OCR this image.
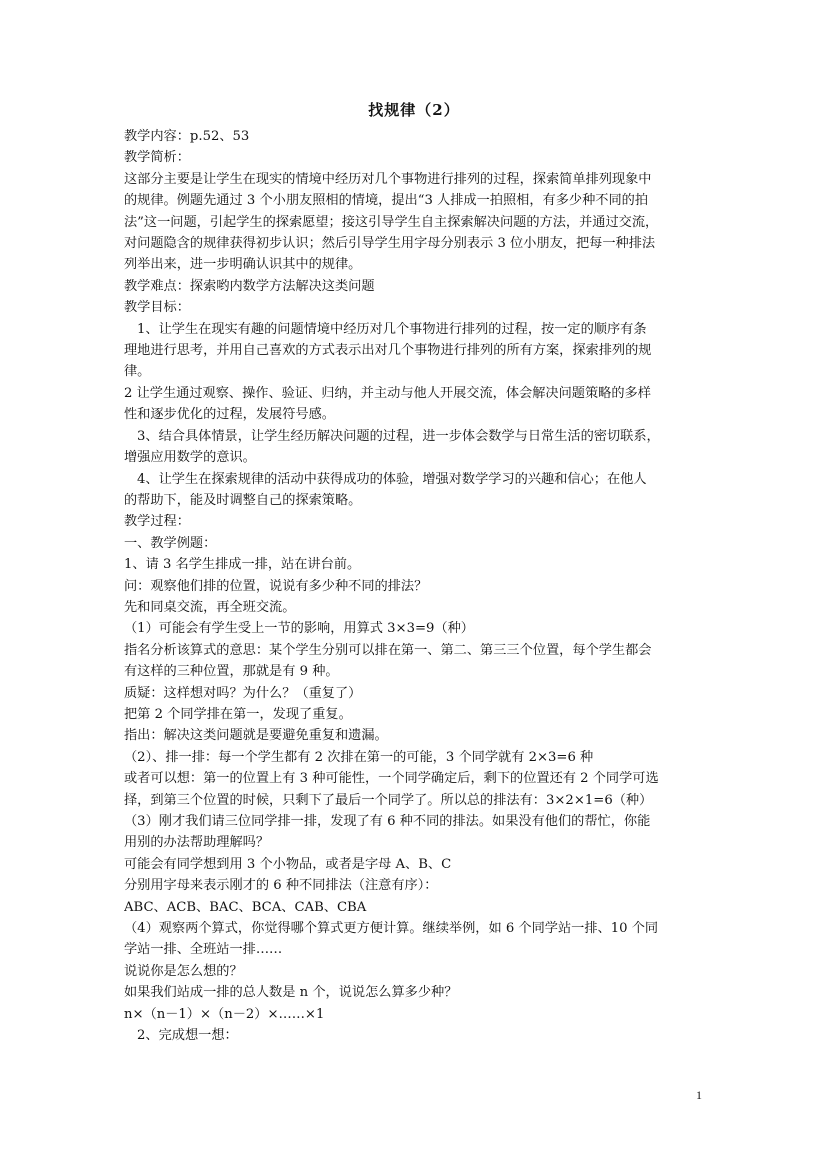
找规律（2）
教学内容：p.52、53
教学简析：
这部分主要是让学生在现实的情境中经历对几个事物进行排列的过程，探索简单排列现象中
的规律。例题先通过 3 个小朋友照相的情境，提出“3 人排成一拍照相，有多少种不同的拍
法”这一问题，引起学生的探索愿望；接这引导学生自主探索解决问题的方法，并通过交流，
对问题隐含的规律获得初步认识；然后引导学生用字母分别表示 3 位小朋友，把每一种排法
列举出来，进一步明确认识其中的规律。
教学难点：探索哟内数学方法解决这类问题
教学目标：
1、让学生在现实有趣的问题情境中经历对几个事物进行排列的过程，按一定的顺序有条
理地进行思考，并用自己喜欢的方式表示出对几个事物进行排列的所有方案，探索排列的规
律。
2 让学生通过观察、操作、验证、归纳，并主动与他人开展交流，体会解决问题策略的多样
性和逐步优化的过程，发展符号感。
3、结合具体情景，让学生经历解决问题的过程，进一步体会数学与日常生活的密切联系，
增强应用数学的意识。
4、让学生在探索规律的活动中获得成功的体验，增强对数学学习的兴趣和信心；在他人
的帮助下，能及时调整自己的探索策略。
教学过程：
一、教学例题：
1、请 3 名学生排成一排，站在讲台前。
问：观察他们排的位置，说说有多少种不同的排法？
先和同桌交流，再全班交流。
（1）可能会有学生受上一节的影响，用算式 3×3=9（种）
指名分析该算式的意思：某个学生分别可以排在第一、第二、第三三个位置，每个学生都会
有这样的三种位置，那就是有 9 种。
质疑：这样想对吗？为什么？（重复了）
把第 2 个同学排在第一，发现了重复。
指出：解决这类问题就是要避免重复和遗漏。
（2）、排一排：每一个学生都有 2 次排在第一的可能，3 个同学就有 2×3=6 种
或者可以想：第一的位置上有 3 种可能性，一个同学确定后，剩下的位置还有 2 个同学可选
择，到第三个位置的时候，只剩下了最后一个同学了。所以总的排法有：3×2×1=6（种）
（3）刚才我们请三位同学排一排，发现了有 6 种不同的排法。如果没有他们的帮忙，你能
用别的办法帮助理解吗？
可能会有同学想到用 3 个小物品，或者是字母 A、B、C
分别用字母来表示刚才的 6 种不同排法（注意有序）：
ABC、ACB、BAC、BCA、CAB、CBA
（4）观察两个算式，你觉得哪个算式更方便计算。继续举例，如 6 个同学站一排、10 个同
学站一排、全班站一排……
说说你是怎么想的？
如果我们站成一排的总人数是 n 个，说说怎么算多少种？
n×（n－1）×（n－2）×……×1
2、完成想一想：
1
